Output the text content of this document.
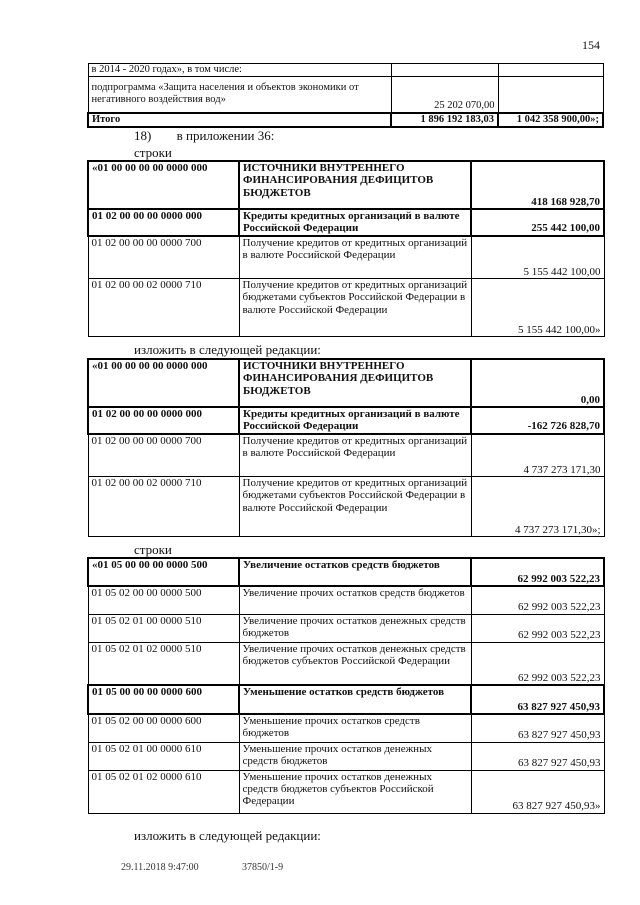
154
в 2014 - 2020 годах», в том числе:		
подпрограмма «Защита населения и объектов экономики от негативного воздействия вод»	25 202 070,00	
Итого	1 896 192 183,03	1 042 358 900,00»;
18) в приложении 36:
строки
«01 00 00 00 00 0000 000	ИСТОЧНИКИ ВНУТРЕННЕГО ФИНАНСИРОВАНИЯ ДЕФИЦИТОВ БЮДЖЕТОВ	418 168 928,70
01 02 00 00 00 0000 000	Кредиты кредитных организаций в валюте Российской Федерации	255 442 100,00
01 02 00 00 00 0000 700	Получение кредитов от кредитных организаций в валюте Российской Федерации	5 155 442 100,00
01 02 00 00 02 0000 710	Получение кредитов от кредитных организаций бюджетами субъектов Российской Федерации в валюте Российской Федерации	5 155 442 100,00»
изложить в следующей редакции:
«01 00 00 00 00 0000 000	ИСТОЧНИКИ ВНУТРЕННЕГО ФИНАНСИРОВАНИЯ ДЕФИЦИТОВ БЮДЖЕТОВ	0,00
01 02 00 00 00 0000 000	Кредиты кредитных организаций в валюте Российской Федерации	-162 726 828,70
01 02 00 00 00 0000 700	Получение кредитов от кредитных организаций в валюте Российской Федерации	4 737 273 171,30
01 02 00 00 02 0000 710	Получение кредитов от кредитных организаций бюджетами субъектов Российской Федерации в валюте Российской Федерации	4 737 273 171,30»;
строки
«01 05 00 00 00 0000 500	Увеличение остатков средств бюджетов	62 992 003 522,23
01 05 02 00 00 0000 500	Увеличение прочих остатков средств бюджетов	62 992 003 522,23
01 05 02 01 00 0000 510	Увеличение прочих остатков денежных средств бюджетов	62 992 003 522,23
01 05 02 01 02 0000 510	Увеличение прочих остатков денежных средств бюджетов субъектов Российской Федерации	62 992 003 522,23
01 05 00 00 00 0000 600	Уменьшение остатков средств бюджетов	63 827 927 450,93
01 05 02 00 00 0000 600	Уменьшение прочих остатков средств бюджетов	63 827 927 450,93
01 05 02 01 00 0000 610	Уменьшение прочих остатков денежных средств бюджетов	63 827 927 450,93
01 05 02 01 02 0000 610	Уменьшение прочих остатков денежных средств бюджетов субъектов Российской Федерации	63 827 927 450,93»
изложить в следующей редакции:
29.11.2018 9:47:00	37850/1-9
